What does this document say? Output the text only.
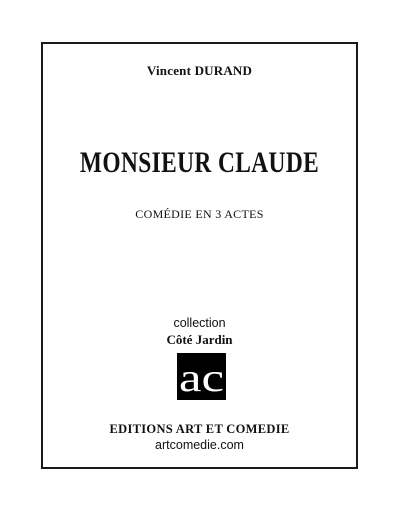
Vincent DURAND
MONSIEUR CLAUDE
COMÉDIE EN 3 ACTES
collection
Côté Jardin
ac
EDITIONS ART ET COMEDIE
artcomedie.com
